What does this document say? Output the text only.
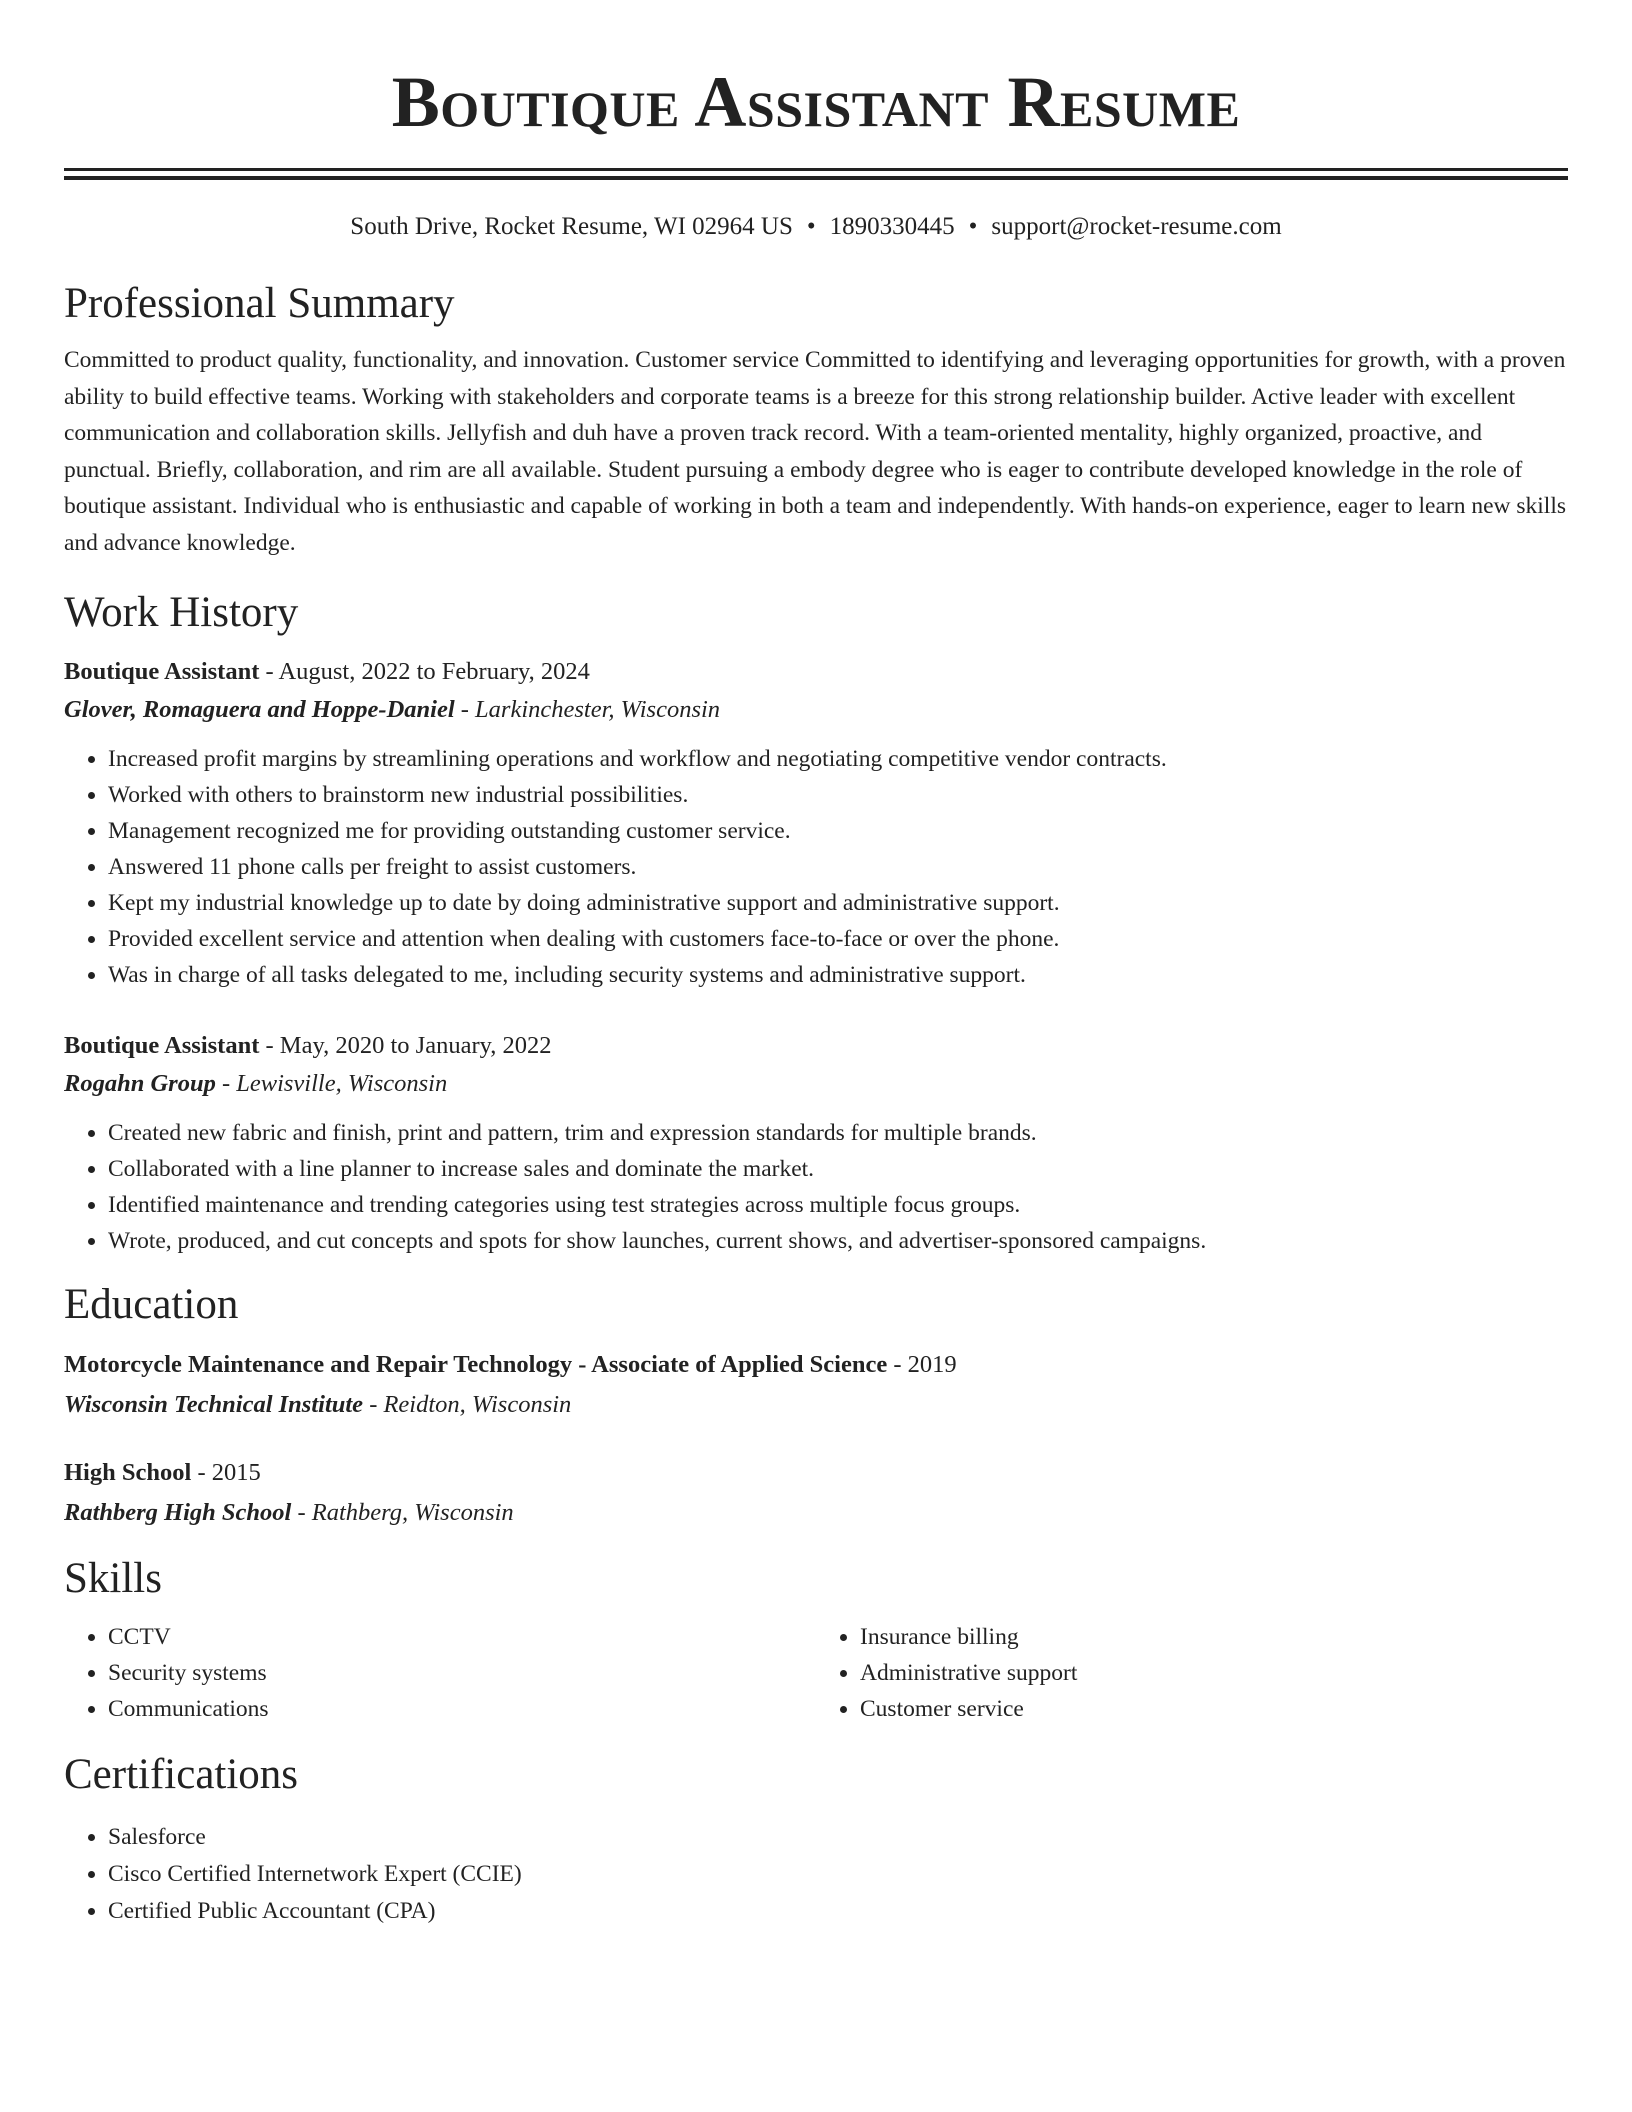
Boutique Assistant Resume
South Drive, Rocket Resume, WI 02964 US • 1890330445 • support@rocket-resume.com
Professional Summary

Committed to product quality, functionality, and innovation. Customer service Committed to identifying and leveraging opportunities for growth, with a proven ability to build effective teams. Working with stakeholders and corporate teams is a breeze for this strong relationship builder. Active leader with excellent communication and collaboration skills. Jellyfish and duh have a proven track record. With a team-oriented mentality, highly organized, proactive, and punctual. Briefly, collaboration, and rim are all available. Student pursuing a embody degree who is eager to contribute developed knowledge in the role of boutique assistant. Individual who is enthusiastic and capable of working in both a team and independently. With hands-on experience, eager to learn new skills and advance knowledge.

Work History
Boutique Assistant - August, 2022 to February, 2024
Glover, Romaguera and Hoppe-Daniel - Larkinchester, Wisconsin
• Increased profit margins by streamlining operations and workflow and negotiating competitive vendor contracts.
• Worked with others to brainstorm new industrial possibilities.
• Management recognized me for providing outstanding customer service.
• Answered 11 phone calls per freight to assist customers.
• Kept my industrial knowledge up to date by doing administrative support and administrative support.
• Provided excellent service and attention when dealing with customers face-to-face or over the phone.
• Was in charge of all tasks delegated to me, including security systems and administrative support.
Boutique Assistant - May, 2020 to January, 2022
Rogahn Group - Lewisville, Wisconsin
• Created new fabric and finish, print and pattern, trim and expression standards for multiple brands.
• Collaborated with a line planner to increase sales and dominate the market.
• Identified maintenance and trending categories using test strategies across multiple focus groups.
• Wrote, produced, and cut concepts and spots for show launches, current shows, and advertiser-sponsored campaigns.
Education
Motorcycle Maintenance and Repair Technology - Associate of Applied Science - 2019
Wisconsin Technical Institute - Reidton, Wisconsin
High School - 2015
Rathberg High School - Rathberg, Wisconsin
Skills
• CCTV
• Security systems
• Communications
• Insurance billing
• Administrative support
• Customer service
Certifications
• Salesforce
• Cisco Certified Internetwork Expert (CCIE)
• Certified Public Accountant (CPA)
